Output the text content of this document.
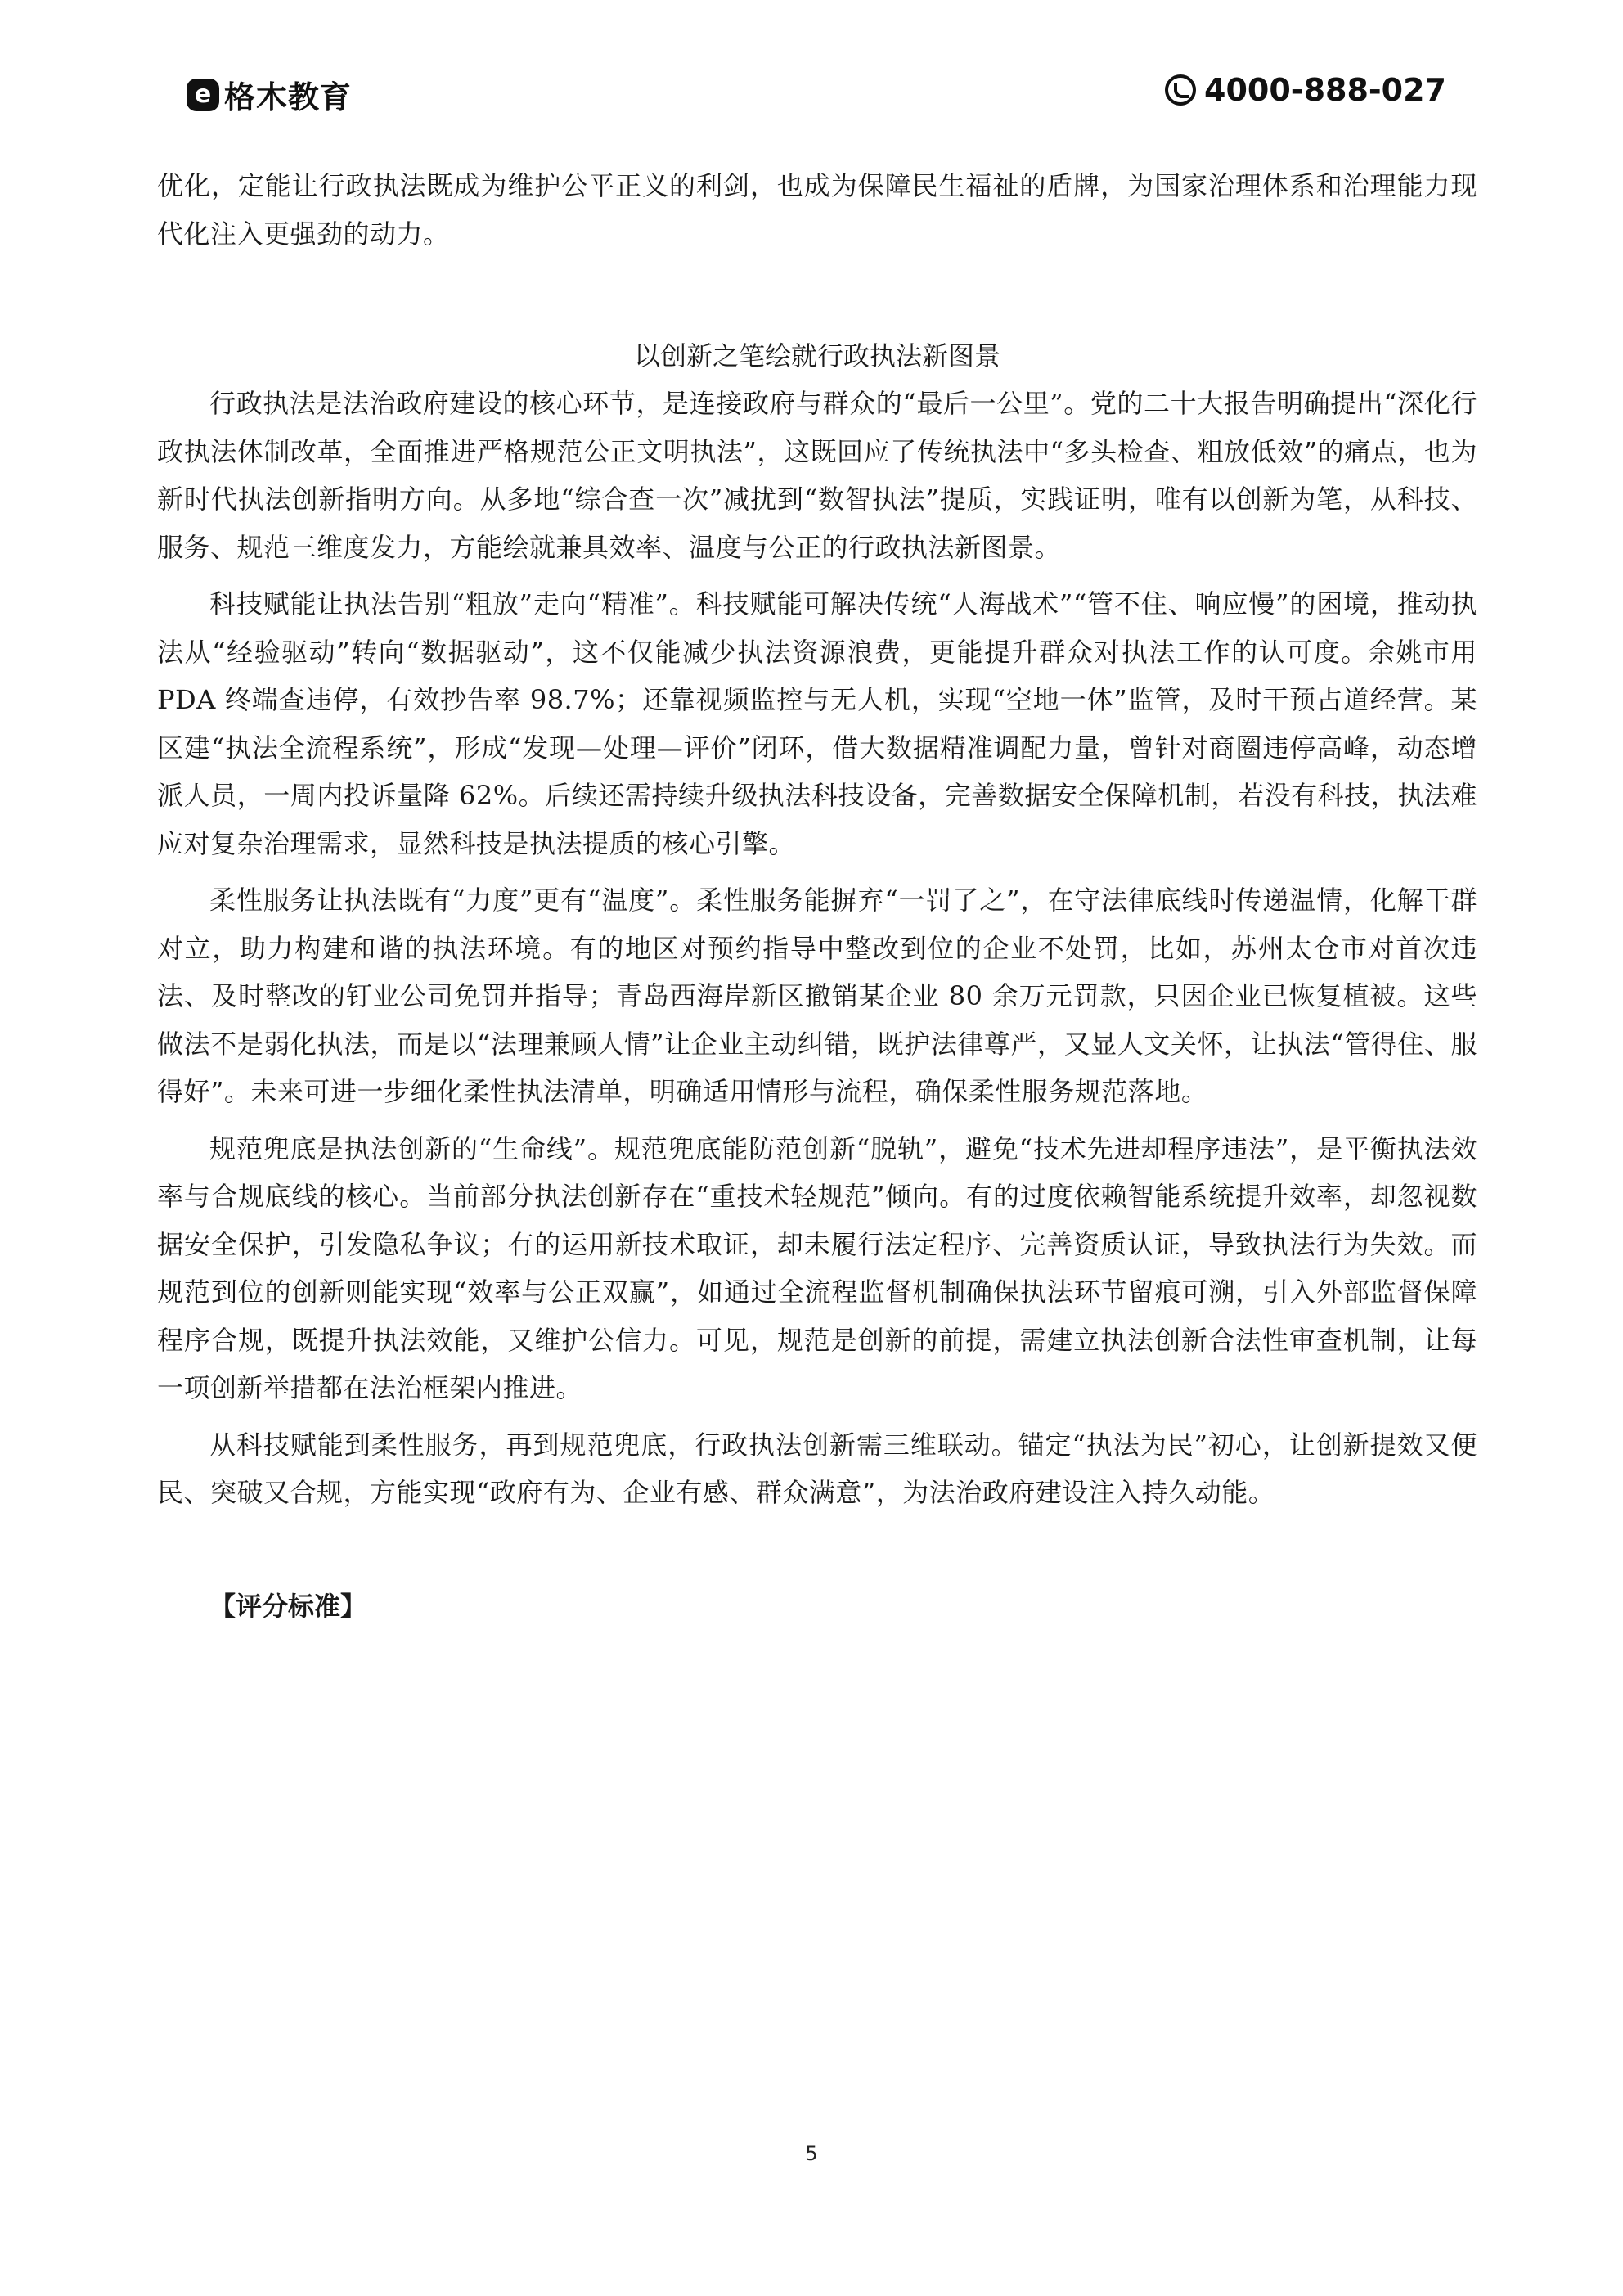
e 格木教育	4000-888-027

优化，定能让行政执法既成为维护公平正义的利剑，也成为保障民生福祉的盾牌，为国家治理体系和治理能力现代化注入更强劲的动力。

以创新之笔绘就行政执法新图景

行政执法是法治政府建设的核心环节，是连接政府与群众的“最后一公里”。党的二十大报告明确提出“深化行政执法体制改革，全面推进严格规范公正文明执法”，这既回应了传统执法中“多头检查、粗放低效”的痛点，也为新时代执法创新指明方向。从多地“综合查一次”减扰到“数智执法”提质，实践证明，唯有以创新为笔，从科技、服务、规范三维度发力，方能绘就兼具效率、温度与公正的行政执法新图景。

科技赋能让执法告别“粗放”走向“精准”。科技赋能可解决传统“人海战术”“管不住、响应慢”的困境，推动执法从“经验驱动”转向“数据驱动”，这不仅能减少执法资源浪费，更能提升群众对执法工作的认可度。余姚市用 PDA 终端查违停，有效抄告率 98.7%；还靠视频监控与无人机，实现“空地一体”监管，及时干预占道经营。某区建“执法全流程系统”，形成“发现—处理—评价”闭环，借大数据精准调配力量，曾针对商圈违停高峰，动态增派人员，一周内投诉量降 62%。后续还需持续升级执法科技设备，完善数据安全保障机制，若没有科技，执法难应对复杂治理需求，显然科技是执法提质的核心引擎。

柔性服务让执法既有“力度”更有“温度”。柔性服务能摒弃“一罚了之”，在守法律底线时传递温情，化解干群对立，助力构建和谐的执法环境。有的地区对预约指导中整改到位的企业不处罚，比如，苏州太仓市对首次违法、及时整改的钉业公司免罚并指导；青岛西海岸新区撤销某企业 80 余万元罚款，只因企业已恢复植被。这些做法不是弱化执法，而是以“法理兼顾人情”让企业主动纠错，既护法律尊严，又显人文关怀，让执法“管得住、服得好”。未来可进一步细化柔性执法清单，明确适用情形与流程，确保柔性服务规范落地。

规范兜底是执法创新的“生命线”。规范兜底能防范创新“脱轨”，避免“技术先进却程序违法”，是平衡执法效率与合规底线的核心。当前部分执法创新存在“重技术轻规范”倾向。有的过度依赖智能系统提升效率，却忽视数据安全保护，引发隐私争议；有的运用新技术取证，却未履行法定程序、完善资质认证，导致执法行为失效。而规范到位的创新则能实现“效率与公正双赢”，如通过全流程监督机制确保执法环节留痕可溯，引入外部监督保障程序合规，既提升执法效能，又维护公信力。可见，规范是创新的前提，需建立执法创新合法性审查机制，让每一项创新举措都在法治框架内推进。

从科技赋能到柔性服务，再到规范兜底，行政执法创新需三维联动。锚定“执法为民”初心，让创新提效又便民、突破又合规，方能实现“政府有为、企业有感、群众满意”，为法治政府建设注入持久动能。

【评分标准】
5
